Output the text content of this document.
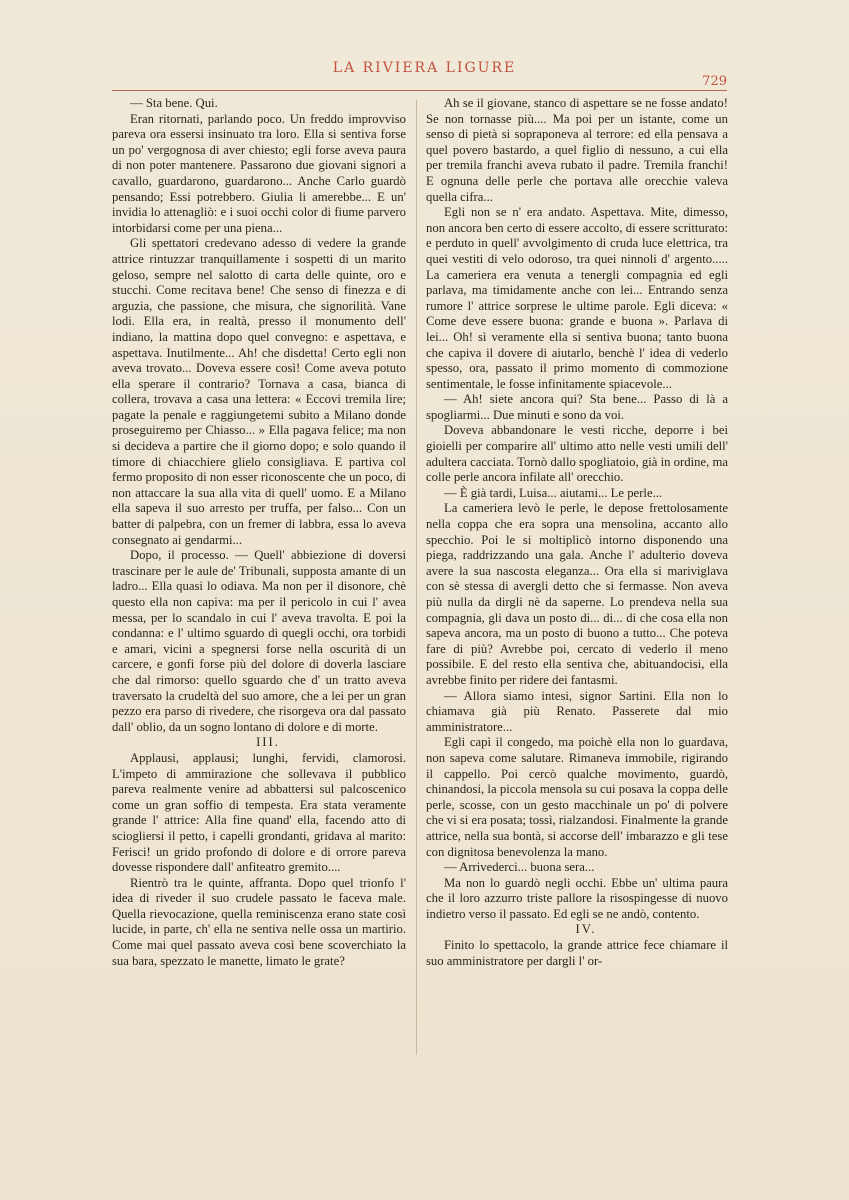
LA RIVIERA LIGURE
729

— Sta bene. Qui.

Eran ritornati, parlando poco. Un freddo improvviso pareva ora essersi insinuato tra loro. Ella si sentiva forse un po' vergognosa di aver chiesto; egli forse aveva paura di non poter mantenere. Passarono due giovani signori a cavallo, guardarono, guardarono... Anche Carlo guardò pensando; Essi potrebbero. Giulia li amerebbe... E un' invidia lo attenagliò: e i suoi occhi color di fiume parvero intorbidarsi come per una piena...

Gli spettatori credevano adesso di vedere la grande attrice rintuzzar tranquillamente i sospetti di un marito geloso, sempre nel salotto di carta delle quinte, oro e stucchi. Come recitava bene! Che senso di finezza e di arguzia, che passione, che misura, che signorilità. Vane lodi. Ella era, in realtà, presso il monumento dell' indiano, la mattina dopo quel convegno: e aspettava, e aspettava. Inutilmente... Ah! che disdetta! Certo egli non aveva trovato... Doveva essere così! Come aveva potuto ella sperare il contrario? Tornava a casa, bianca di collera, trovava a casa una lettera: « Eccovi tremila lire; pagate la penale e raggiungetemi subito a Milano donde proseguiremo per Chiasso... » Ella pagava felice; ma non si decideva a partire che il giorno dopo; e solo quando il timore di chiacchiere glielo consigliava. E partiva col fermo proposito di non esser riconoscente che un poco, di non attaccare la sua alla vita di quell' uomo. E a Milano ella sapeva il suo arresto per truffa, per falso... Con un batter di palpebra, con un fremer di labbra, essa lo aveva consegnato ai gendarmi...

Dopo, il processo. — Quell' abbiezione di doversi trascinare per le aule de' Tribunali, supposta amante di un ladro... Ella quasi lo odiava. Ma non per il disonore, chè questo ella non capiva: ma per il pericolo in cui l' avea messa, per lo scandalo in cui l' aveva travolta. E poi la condanna: e l' ultimo sguardo di quegli occhi, ora torbidi e amari, vicini a spegnersi forse nella oscurità di un carcere, e gonfi forse più del dolore di doverla lasciare che dal rimorso: quello sguardo che d' un tratto aveva traversato la crudeltà del suo amore, che a lei per un gran pezzo era parso di rivedere, che risorgeva ora dal passato dall' oblio, da un sogno lontano di dolore e di morte.

III.

Applausi, applausi; lunghi, fervidi, clamorosi. L'impeto di ammirazione che sollevava il pubblico pareva realmente venire ad abbattersi sul palcoscenico come un gran soffio di tempesta. Era stata veramente grande l' attrice: Alla fine quand' ella, facendo atto di sciogliersi il petto, i capelli grondanti, gridava al marito: Ferisci! un grido profondo di dolore e di orrore pareva dovesse rispondere dall' anfiteatro gremito....

Rientrò tra le quinte, affranta. Dopo quel trionfo l' idea di riveder il suo crudele passato le faceva male. Quella rievocazione, quella reminiscenza erano state così lucide, in parte, ch' ella ne sentiva nelle ossa un martirio. Come mai quel passato aveva così bene scoverchiato la sua bara, spezzato le manette, limato le grate?

Ah se il giovane, stanco di aspettare se ne fosse andato! Se non tornasse più.... Ma poi per un istante, come un senso di pietà si sopraponeva al terrore: ed ella pensava a quel povero bastardo, a quel figlio di nessuno, a cui ella per tremila franchi aveva rubato il padre. Tremila franchi! E ognuna delle perle che portava alle orecchie valeva quella cifra...

Egli non se n' era andato. Aspettava. Mite, dimesso, non ancora ben certo di essere accolto, di essere scritturato: e perduto in quell' avvolgimento di cruda luce elettrica, tra quei vestiti di velo odoroso, tra quei ninnoli d' argento..... La cameriera era venuta a tenergli compagnia ed egli parlava, ma timidamente anche con lei... Entrando senza rumore l' attrice sorprese le ultime parole. Egli diceva: « Come deve essere buona: grande e buona ». Parlava di lei... Oh! sì veramente ella si sentiva buona; tanto buona che capiva il dovere di aiutarlo, benchè l' idea di vederlo spesso, ora, passato il primo momento di commozione sentimentale, le fosse infinitamente spiacevole...

— Ah! siete ancora qui? Sta bene... Passo di là a spogliarmi... Due minuti e sono da voi.

Doveva abbandonare le vesti ricche, deporre i bei gioielli per comparire all' ultimo atto nelle vesti umili dell' adultera cacciata. Tornò dallo spogliatoio, già in ordine, ma colle perle ancora infilate all' orecchio.

— È già tardi, Luisa... aiutami... Le perle...

La cameriera levò le perle, le depose frettolosamente nella coppa che era sopra una mensolina, accanto allo specchio. Poi le si moltiplicò intorno disponendo una piega, raddrizzando una gala. Anche l' adulterio doveva avere la sua nascosta eleganza... Ora ella si mariviglava con sè stessa di avergli detto che si fermasse. Non aveva più nulla da dirgli nè da saperne. Lo prendeva nella sua compagnia, gli dava un posto di... di... di che cosa ella non sapeva ancora, ma un posto di buono a tutto... Che poteva fare di più? Avrebbe poi, cercato di vederlo il meno possibile. E del resto ella sentiva che, abituandocisi, ella avrebbe finito per ridere dei fantasmi.

— Allora siamo intesi, signor Sartini. Ella non lo chiamava già più Renato. Passerete dal mio amministratore...

Egli capì il congedo, ma poichè ella non lo guardava, non sapeva come salutare. Rimaneva immobile, rigirando il cappello. Poi cercò qualche movimento, guardò, chinandosi, la piccola mensola su cui posava la coppa delle perle, scosse, con un gesto macchinale un po' di polvere che vi si era posata; tossì, rialzandosi. Finalmente la grande attrice, nella sua bontà, si accorse dell' imbarazzo e gli tese con dignitosa benevolenza la mano.

— Arrivederci... buona sera...

Ma non lo guardò negli occhi. Ebbe un' ultima paura che il loro azzurro triste pallore la risospingesse di nuovo indietro verso il passato. Ed egli se ne andò, contento.

IV.

Finito lo spettacolo, la grande attrice fece chiamare il suo amministratore per dargli l' or-
